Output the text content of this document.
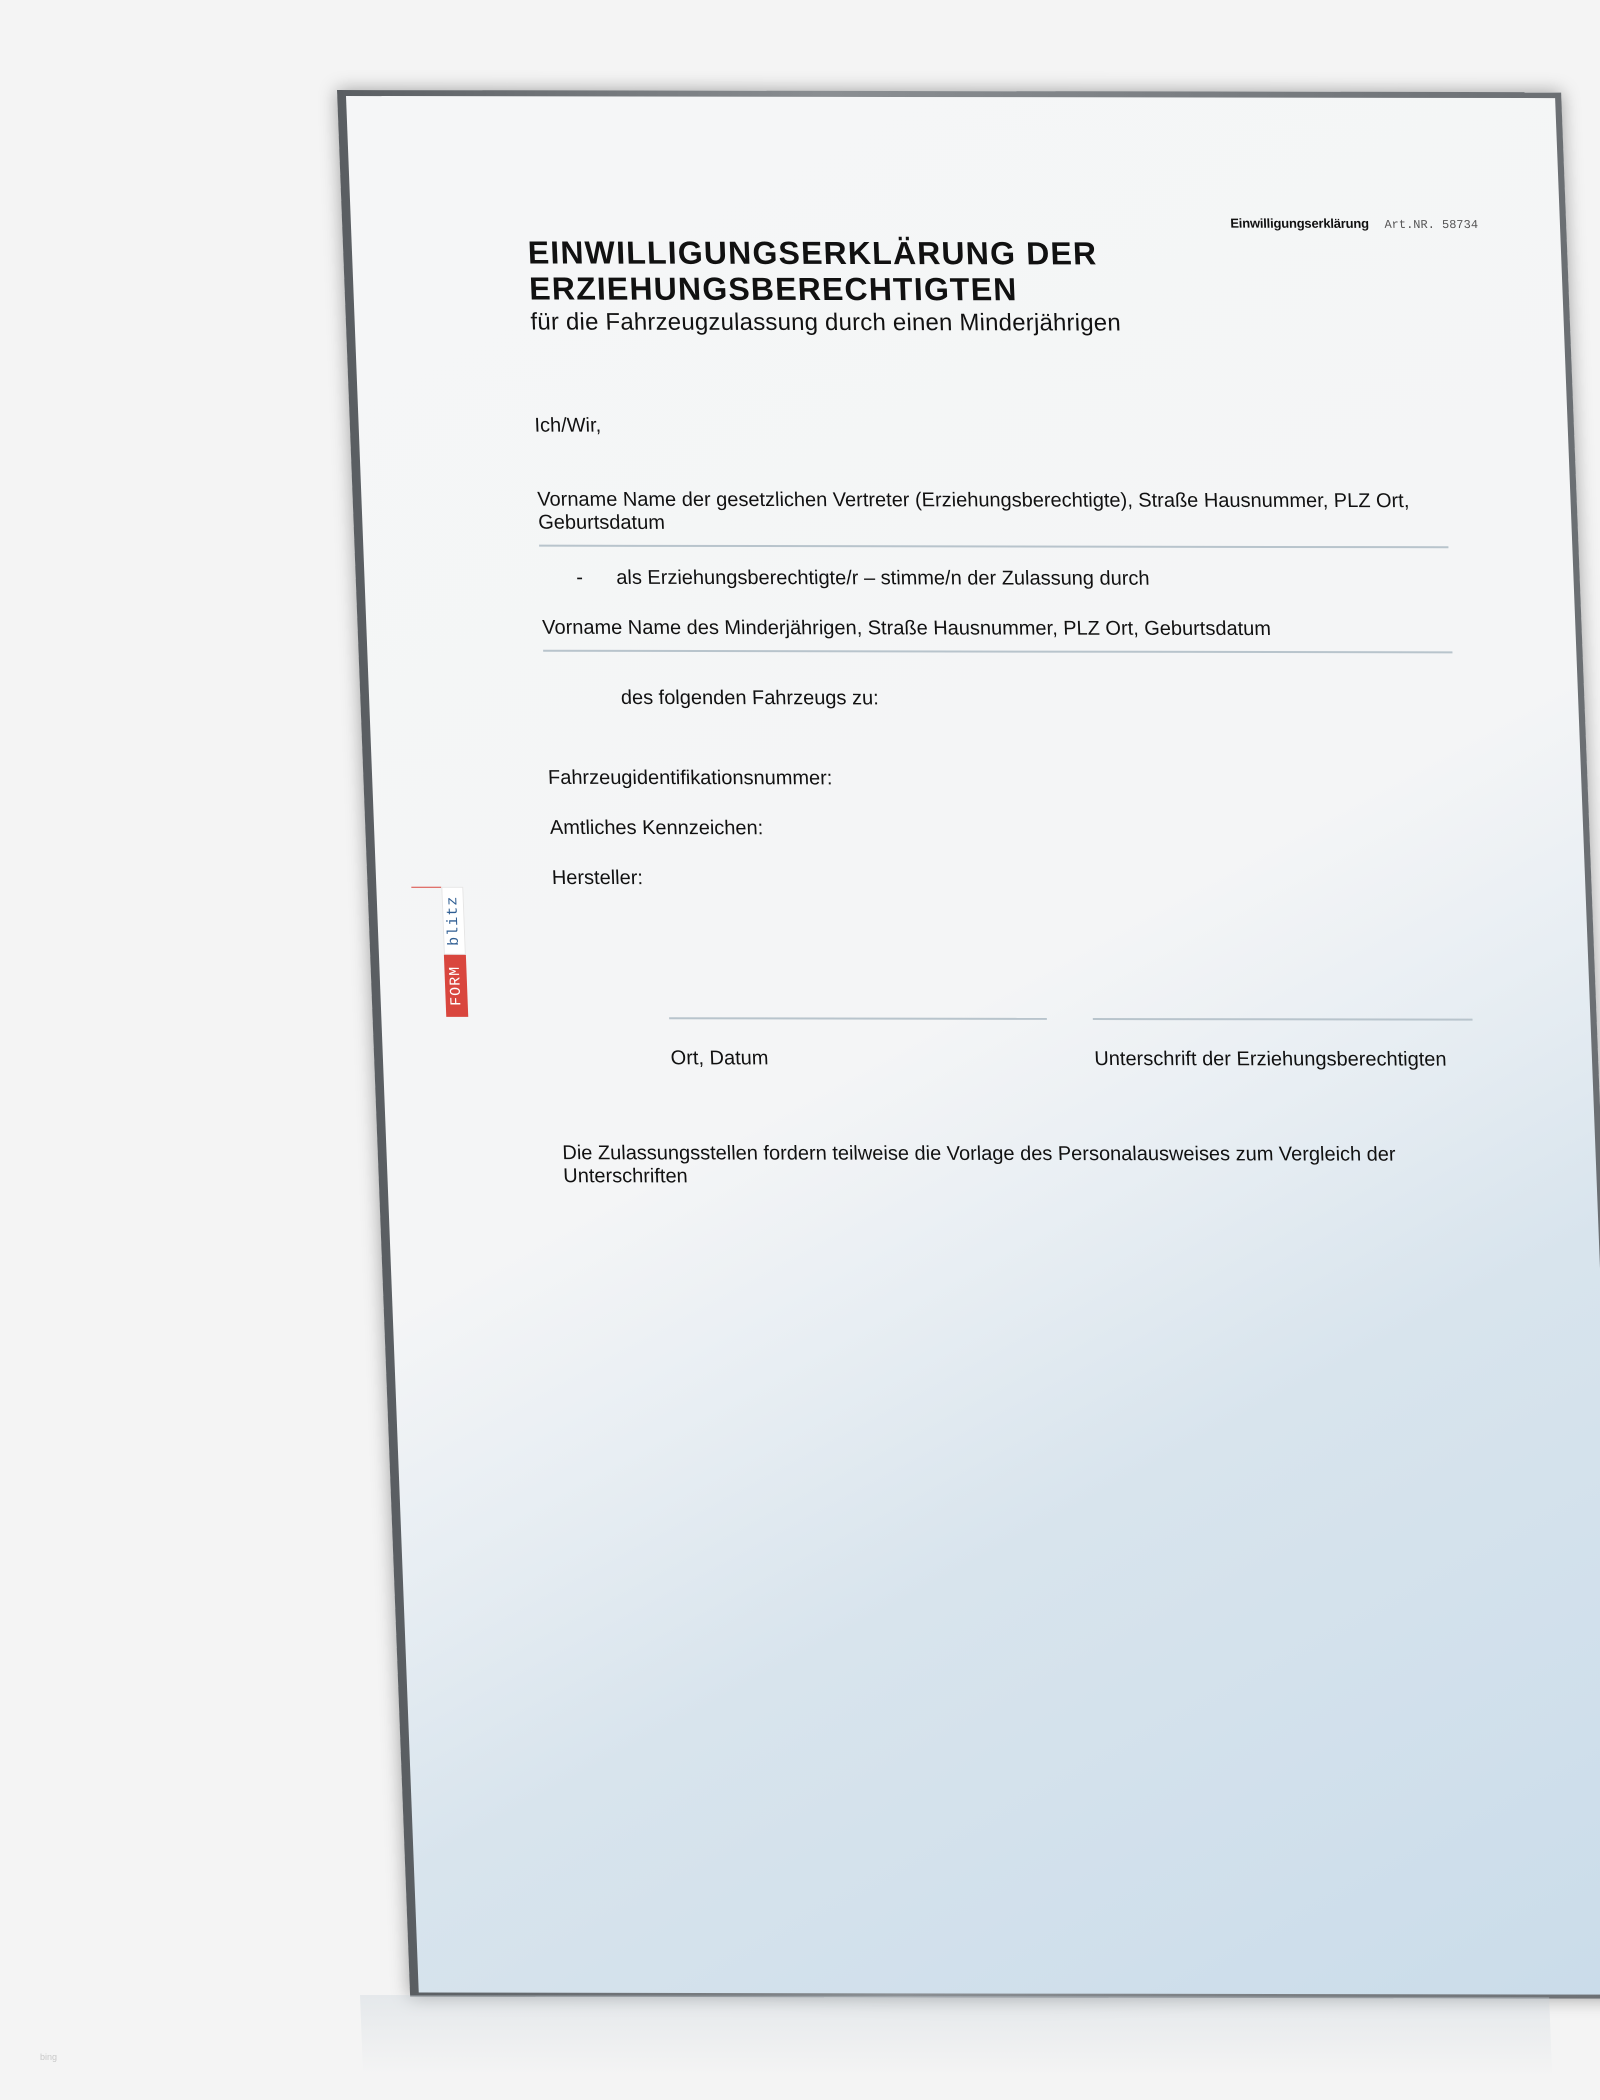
Einwilligungserklärung Art.NR. 58734
EINWILLIGUNGSERKLÄRUNG DER
ERZIEHUNGSBERECHTIGTEN
für die Fahrzeugzulassung durch einen Minderjährigen
Ich/Wir,
Vorname Name der gesetzlichen Vertreter (Erziehungsberechtigte), Straße Hausnummer, PLZ Ort, Geburtsdatum
- als Erziehungsberechtigte/r – stimme/n der Zulassung durch
Vorname Name des Minderjährigen, Straße Hausnummer, PLZ Ort, Geburtsdatum
des folgenden Fahrzeugs zu:
Fahrzeugidentifikationsnummer:
Amtliches Kennzeichen:
Hersteller:
blitz
FORM
Ort, Datum	Unterschrift der Erziehungsberechtigten
Die Zulassungsstellen fordern teilweise die Vorlage des Personalausweises zum Vergleich der Unterschriften
bing
